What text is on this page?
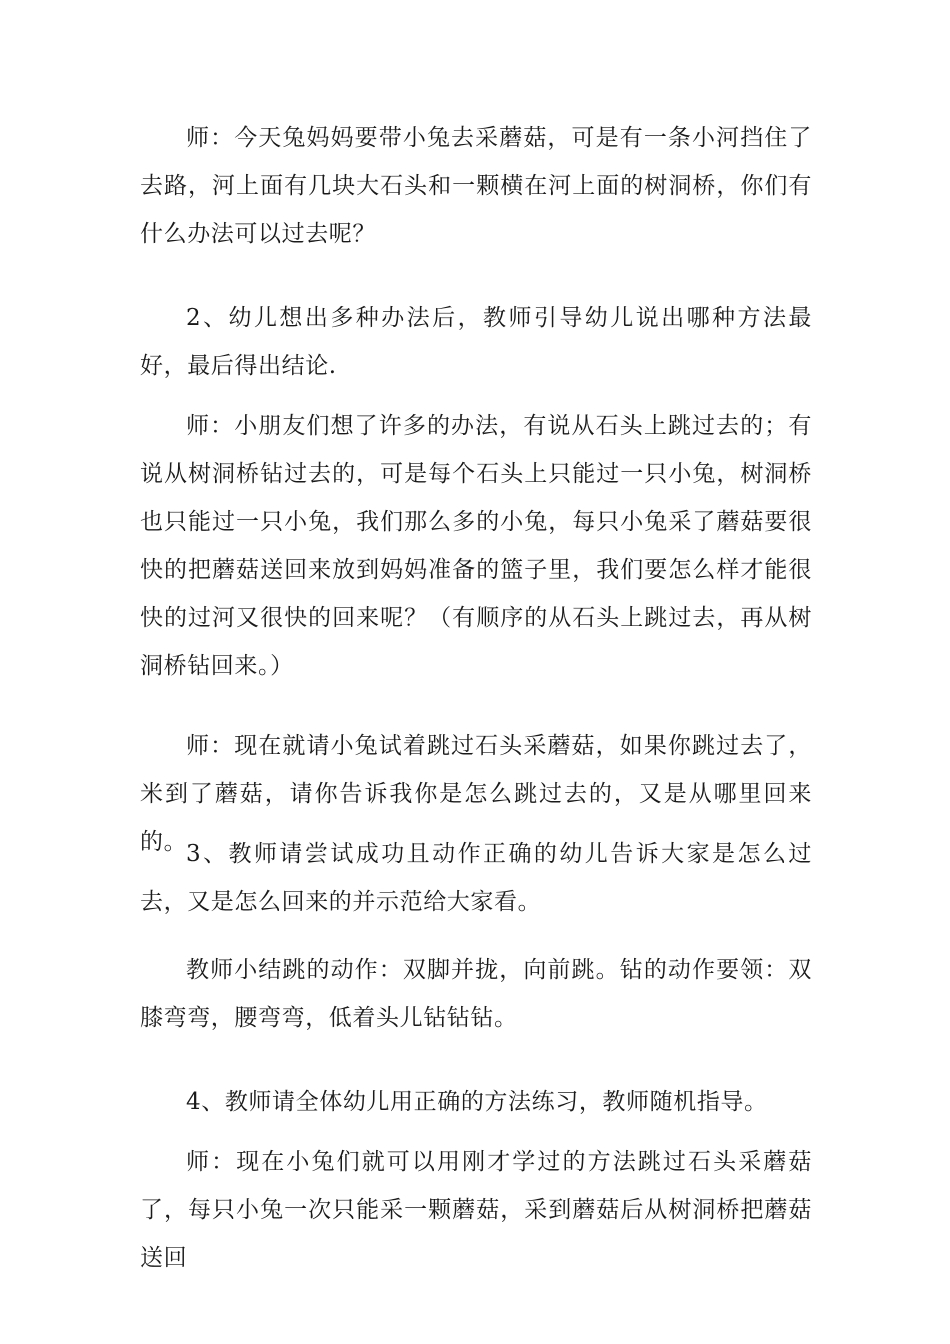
师：今天兔妈妈要带小兔去采蘑菇，可是有一条小河挡住了去路，河上面有几块大石头和一颗横在河上面的树洞桥，你们有什么办法可以过去呢？

2、幼儿想出多种办法后，教师引导幼儿说出哪种方法最好，最后得出结论.

师：小朋友们想了许多的办法，有说从石头上跳过去的；有说从树洞桥钻过去的，可是每个石头上只能过一只小兔，树洞桥也只能过一只小兔，我们那么多的小兔，每只小兔采了蘑菇要很快的把蘑菇送回来放到妈妈准备的篮子里，我们要怎么样才能很快的过河又很快的回来呢？（有顺序的从石头上跳过去，再从树洞桥钻回来。）

师：现在就请小兔试着跳过石头采蘑菇，如果你跳过去了，米到了蘑菇，请你告诉我你是怎么跳过去的，又是从哪里回来的。

3、教师请尝试成功且动作正确的幼儿告诉大家是怎么过去，又是怎么回来的并示范给大家看。

教师小结跳的动作：双脚并拢，向前跳。钻的动作要领：双膝弯弯，腰弯弯，低着头儿钻钻钻。

4、教师请全体幼儿用正确的方法练习，教师随机指导。

师：现在小兔们就可以用刚才学过的方法跳过石头采蘑菇了，每只小兔一次只能采一颗蘑菇，采到蘑菇后从树洞桥把蘑菇送回
